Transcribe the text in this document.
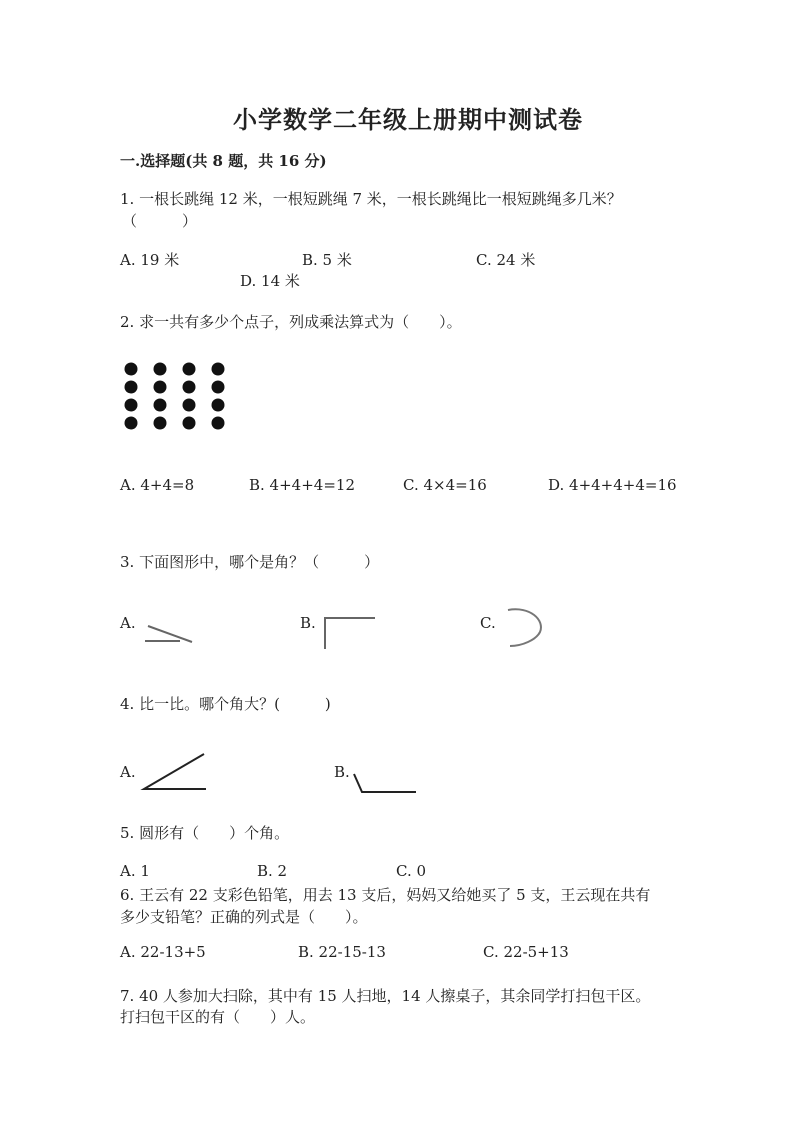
小学数学二年级上册期中测试卷
一.选择题(共 8 题，共 16 分)
1. 一根长跳绳 12 米，一根短跳绳 7 米，一根长跳绳比一根短跳绳多几米？
（　　　）
A. 19 米	B. 5 米	C. 24 米
D. 14 米
2. 求一共有多少个点子，列成乘法算式为（　　）。
A. 4+4=8	B. 4+4+4=12	C. 4×4=16	D. 4+4+4+4=16
3. 下面图形中，哪个是角？（　　　）
A.	B.	C.
4. 比一比。哪个角大？(　　　)
A.	B.
5. 圆形有（　　）个角。
A. 1	B. 2	C. 0
6. 王云有 22 支彩色铅笔，用去 13 支后，妈妈又给她买了 5 支，王云现在共有
多少支铅笔？正确的列式是（　　）。
A. 22-13+5	B. 22-15-13	C. 22-5+13
7. 40 人参加大扫除，其中有 15 人扫地，14 人擦桌子，其余同学打扫包干区。
打扫包干区的有（　　）人。
